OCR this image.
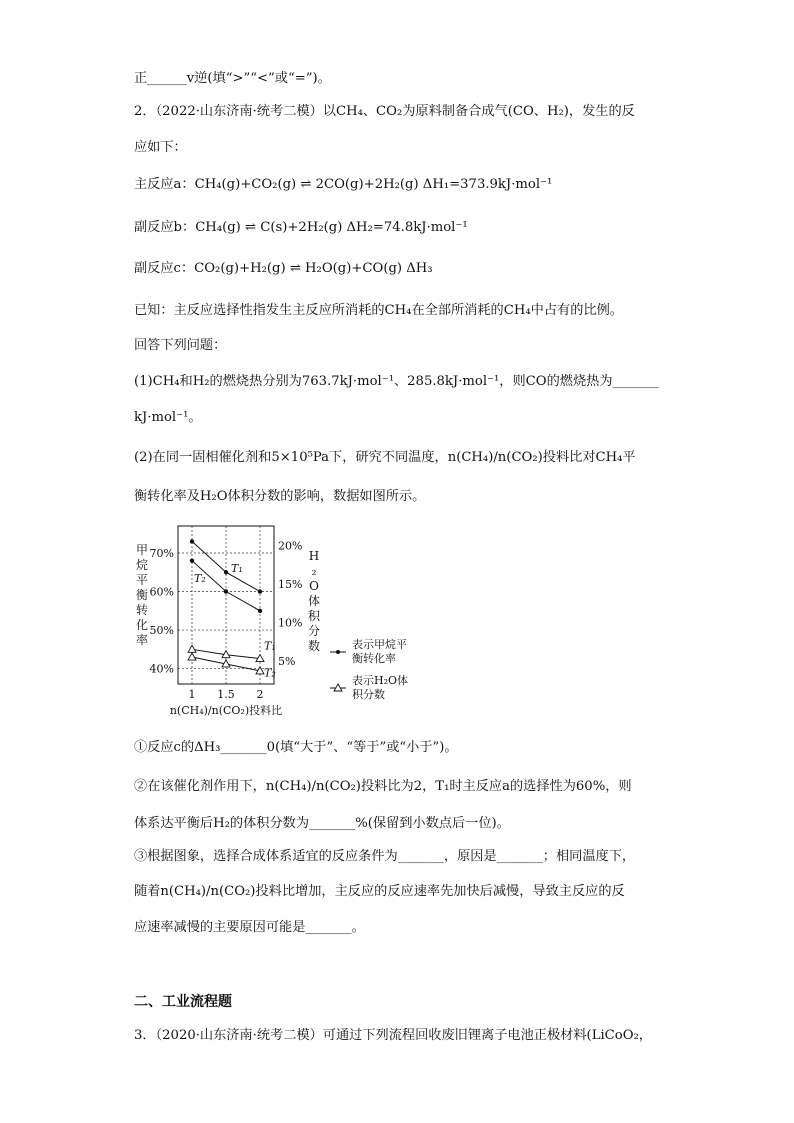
正______v逆(填“>”“<”或“=”)。
2．（2022·山东济南·统考二模）以CH₄、CO₂为原料制备合成气(CO、H₂)，发生的反
应如下：
主反应a：CH₄(g)+CO₂(g) ⇌ 2CO(g)+2H₂(g) ΔH₁=373.9kJ·mol⁻¹
副反应b：CH₄(g) ⇌ C(s)+2H₂(g) ΔH₂=74.8kJ·mol⁻¹
副反应c：CO₂(g)+H₂(g) ⇌ H₂O(g)+CO(g) ΔH₃
已知：主反应选择性指发生主反应所消耗的CH₄在全部所消耗的CH₄中占有的比例。
回答下列问题：
(1)CH₄和H₂的燃烧热分别为763.7kJ·mol⁻¹、285.8kJ·mol⁻¹，则CO的燃烧热为_______
kJ·mol⁻¹。
(2)在同一固相催化剂和5×10⁵Pa下，研究不同温度，n(CH₄)/n(CO₂)投料比对CH₄平
衡转化率及H₂O体积分数的影响，数据如图所示。
甲
烷
平
衡
转
化
率
H
₂
O
体
积
分
数
40%
50%
60%
70%
5%
10%
15%
20%
1 1.5 2
T₁
T₂
T₁
T₂
n(CH₄)/n(CO₂)投料比
表示甲烷平
衡转化率
表示H₂O体
积分数
①反应c的ΔH₃_______0(填“大于”、“等于”或“小于”)。
②在该催化剂作用下，n(CH₄)/n(CO₂)投料比为2，T₁时主反应a的选择性为60%，则
体系达平衡后H₂的体积分数为_______%(保留到小数点后一位)。
③根据图象，选择合成体系适宜的反应条件为_______，原因是_______；相同温度下，
随着n(CH₄)/n(CO₂)投料比增加，主反应的反应速率先加快后减慢，导致主反应的反
应速率减慢的主要原因可能是_______。
二、工业流程题
3．（2020·山东济南·统考二模）可通过下列流程回收废旧锂离子电池正极材料(LiCoO₂，
